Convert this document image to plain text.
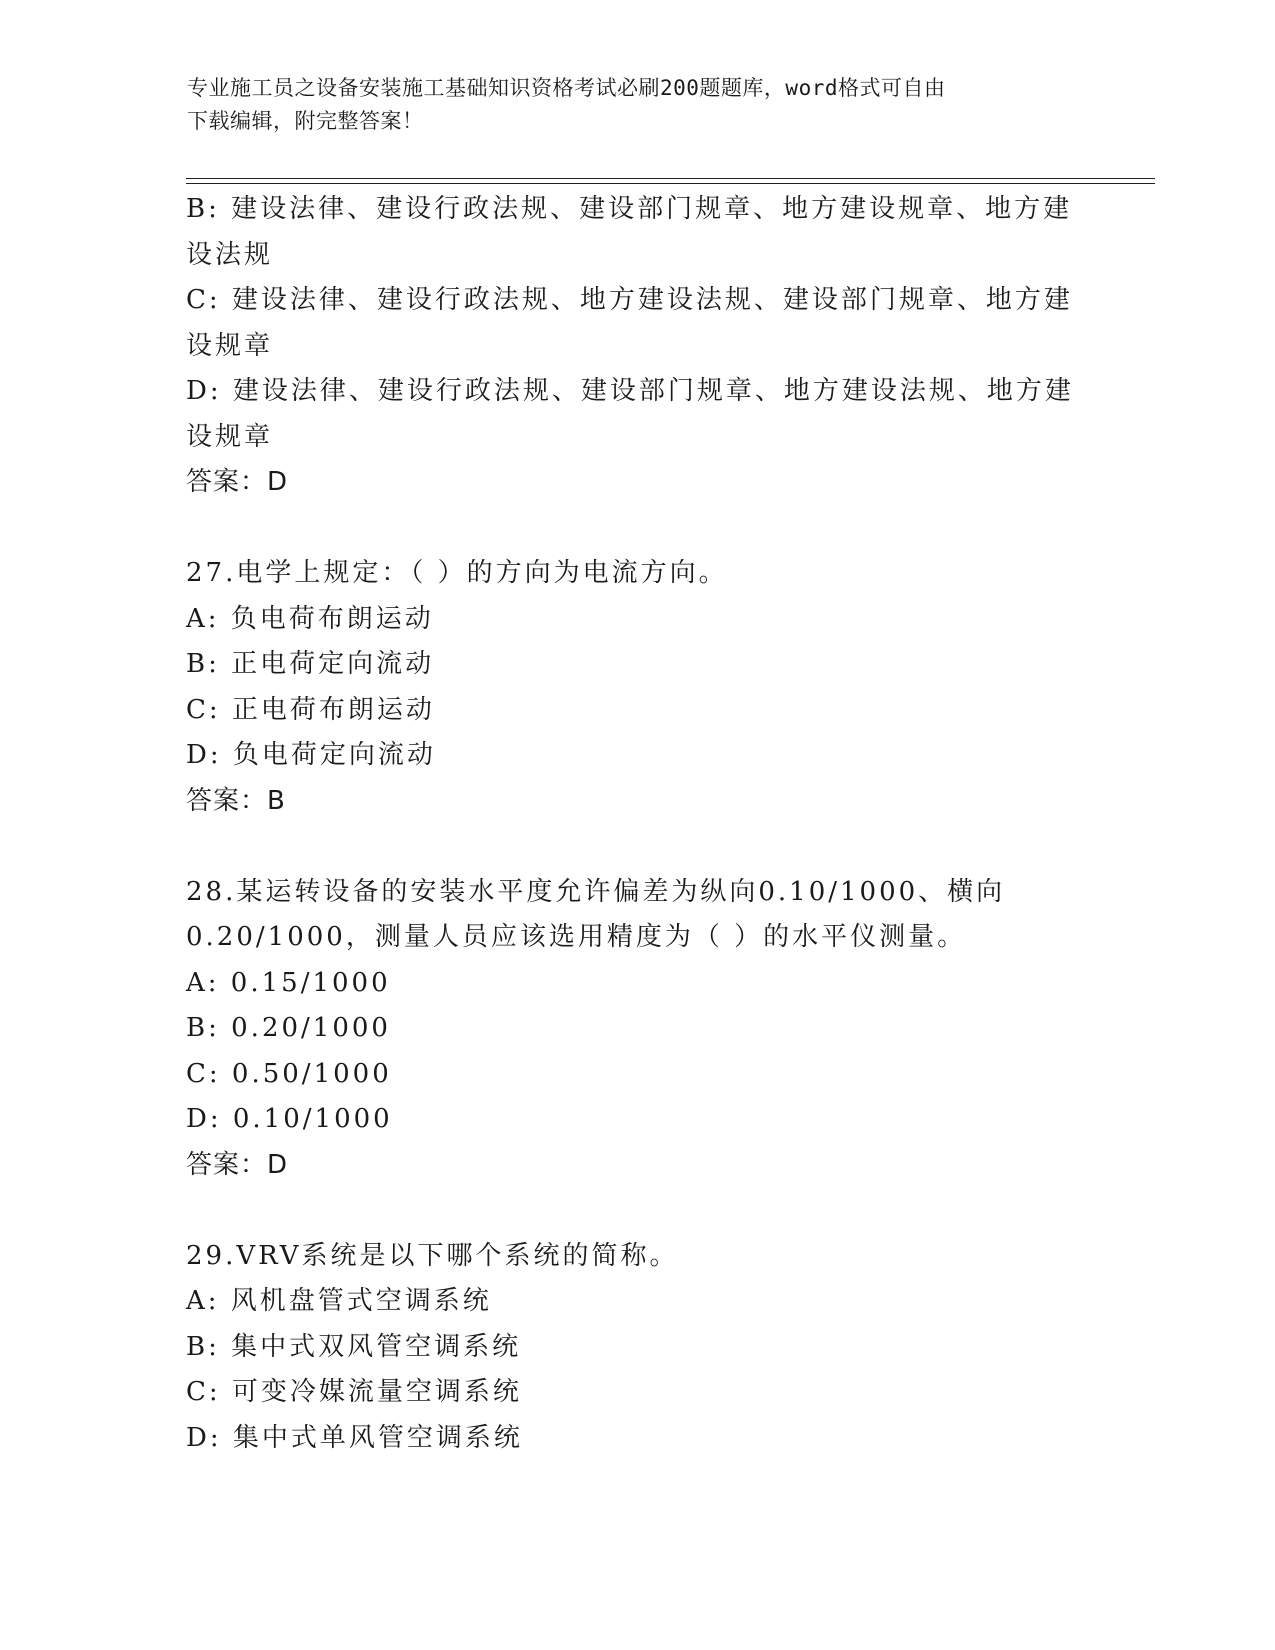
专业施工员之设备安装施工基础知识资格考试必刷200题题库，word格式可自由
下载编辑，附完整答案！
B: 建设法律、建设行政法规、建设部门规章、地方建设规章、地方建
设法规
C: 建设法律、建设行政法规、地方建设法规、建设部门规章、地方建
设规章
D: 建设法律、建设行政法规、建设部门规章、地方建设法规、地方建
设规章
答案：D
27.电学上规定：（ ）的方向为电流方向。
A: 负电荷布朗运动
B: 正电荷定向流动
C: 正电荷布朗运动
D: 负电荷定向流动
答案：B
28.某运转设备的安装水平度允许偏差为纵向0.10/1000、横向
0.20/1000，测量人员应该选用精度为（ ）的水平仪测量。
A: 0.15/1000
B: 0.20/1000
C: 0.50/1000
D: 0.10/1000
答案：D
29.VRV系统是以下哪个系统的简称。
A: 风机盘管式空调系统
B: 集中式双风管空调系统
C: 可变冷媒流量空调系统
D: 集中式单风管空调系统
